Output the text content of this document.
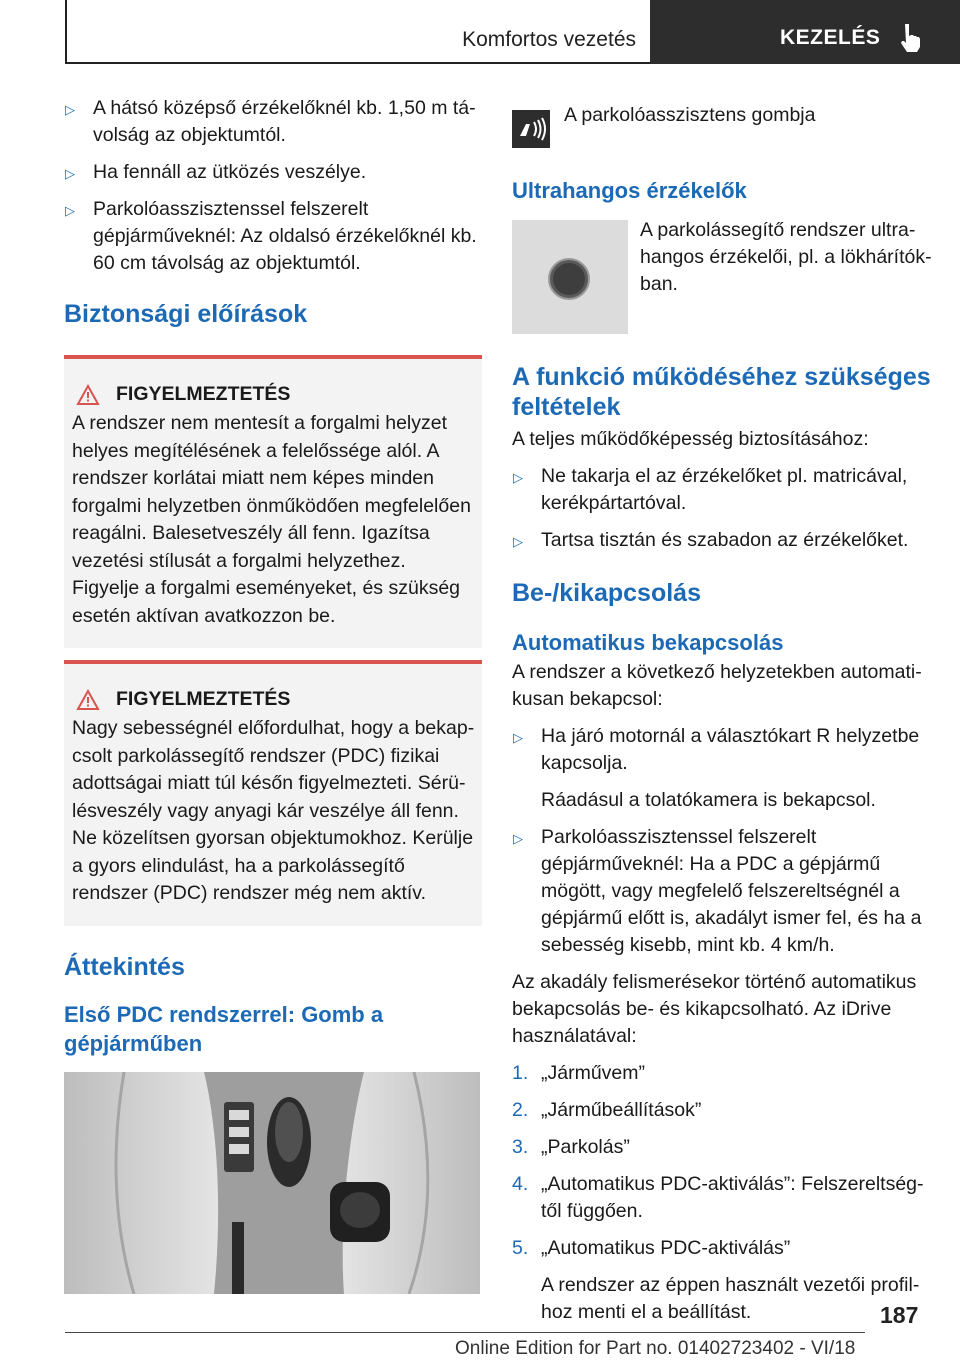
Komfortos vezetés	KEZELÉS
▷ A hátsó középső érzékelőknél kb. 1,50 m távolság az objektumtól.
▷ Ha fennáll az ütközés veszélye.
▷ Parkolóasszisztenssel felszerelt gépjárműveknél: Az oldalsó érzékelőknél kb. 60 cm távolság az objektumtól.
Biztonsági előírások
FIGYELMEZTETÉS

A rendszer nem mentesít a forgalmi helyzet helyes megítélésének a felelőssége alól. A rendszer korlátai miatt nem képes minden forgalmi helyzetben önműködően megfelelően reagálni. Balesetveszély áll fenn. Igazítsa vezetési stílusát a forgalmi helyzethez. Figyelje a forgalmi eseményeket, és szükség esetén aktívan avatkozzon be.

FIGYELMEZTETÉS

Nagy sebességnél előfordulhat, hogy a bekapcsolt parkolássegítő rendszer (PDC) fizikai adottságai miatt túl későn figyelmezteti. Sérülésveszély vagy anyagi kár veszélye áll fenn. Ne közelítsen gyorsan objektumokhoz. Kerülje a gyors elindulást, ha a parkolássegítő rendszer (PDC) rendszer még nem aktív.

Áttekintés
Első PDC rendszerrel: Gomb a gépjárműben

A parkolóasszisztens gombja

Ultrahangos érzékelők

A parkolássegítő rendszer ultrahangos érzékelői, pl. a lökhárítókban.

A funkció működéséhez szükséges feltételek

A teljes működőképesség biztosításához:

▷ Ne takarja el az érzékelőket pl. matricával, kerékpártartóval.
▷ Tartsa tisztán és szabadon az érzékelőket.
Be-/kikapcsolás
Automatikus bekapcsolás

A rendszer a következő helyzetekben automatikusan bekapcsol:

▷ Ha járó motornál a választókart R helyzetbe kapcsolja.
Ráadásul a tolatókamera is bekapcsol.
▷ Parkolóasszisztenssel felszerelt gépjárműveknél: Ha a PDC a gépjármű mögött, vagy megfelelő felszereltségnél a gépjármű előtt is, akadályt ismer fel, és ha a sebesség kisebb, mint kb. 4 km/h.

Az akadály felismerésekor történő automatikus bekapcsolás be- és kikapcsolható. Az iDrive használatával:

1. „Járművem”
2. „Járműbeállítások”
3. „Parkolás”
4. „Automatikus PDC-aktiválás”: Felszereltségtől függően.
5. „Automatikus PDC-aktiválás”
A rendszer az éppen használt vezetői profilhoz menti el a beállítást.	187
Online Edition for Part no. 01402723402 - VI/18
